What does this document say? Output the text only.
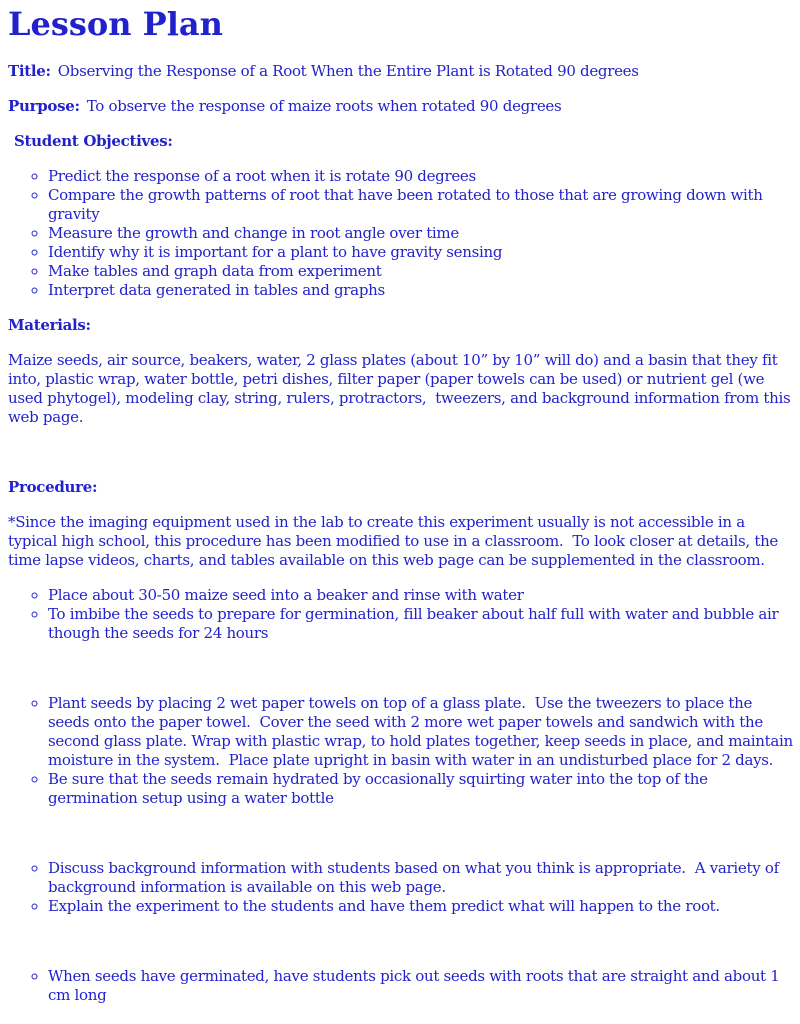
Lesson Plan

Title: Observing the Response of a Root When the Entire Plant is Rotated 90 degrees

Purpose: To observe the response of maize roots when rotated 90 degrees

Student Objectives:

◦ Predict the response of a root when it is rotate 90 degrees
◦ Compare the growth patterns of root that have been rotated to those that are growing down with gravity
◦ Measure the growth and change in root angle over time
◦ Identify why it is important for a plant to have gravity sensing
◦ Make tables and graph data from experiment
◦ Interpret data generated in tables and graphs

Materials:

Maize seeds, air source, beakers, water, 2 glass plates (about 10” by 10” will do) and a basin that they fit into, plastic wrap, water bottle, petri dishes, filter paper (paper towels can be used) or nutrient gel (we used phytogel), modeling clay, string, rulers, protractors,  tweezers, and background information from this web page.

Procedure:

*Since the imaging equipment used in the lab to create this experiment usually is not accessible in a typical high school, this procedure has been modified to use in a classroom.  To look closer at details, the time lapse videos, charts, and tables available on this web page can be supplemented in the classroom.

◦ Place about 30-50 maize seed into a beaker and rinse with water
◦ To imbibe the seeds to prepare for germination, fill beaker about half full with water and bubble air though the seeds for 24 hours
◦ Plant seeds by placing 2 wet paper towels on top of a glass plate.  Use the tweezers to place the seeds onto the paper towel.  Cover the seed with 2 more wet paper towels and sandwich with the second glass plate. Wrap with plastic wrap, to hold plates together, keep seeds in place, and maintain moisture in the system.  Place plate upright in basin with water in an undisturbed place for 2 days.
◦ Be sure that the seeds remain hydrated by occasionally squirting water into the top of the germination setup using a water bottle
◦ Discuss background information with students based on what you think is appropriate.  A variety of background information is available on this web page.
◦ Explain the experiment to the students and have them predict what will happen to the root.
◦ When seeds have germinated, have students pick out seeds with roots that are straight and about 1 cm long
